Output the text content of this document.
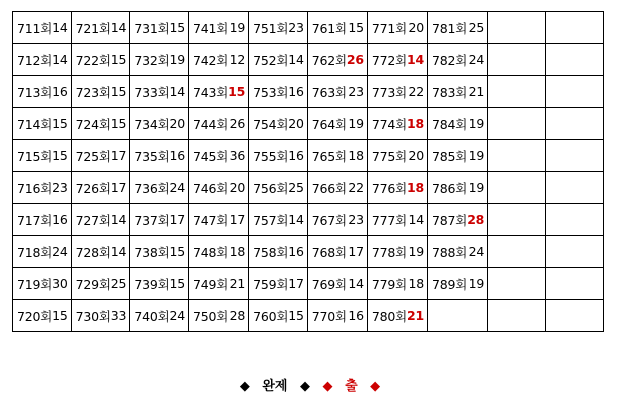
711회 14	721회 14	731회 15	741회 19	751회 23	761회 15	771회 20	781회 25		

712회 14	722회 15	732회 19	742회 12	752회 14	762회 26	772회 14	782회 24		

713회 16	723회 15	733회 14	743회 15	753회 16	763회 23	773회 22	783회 21		

714회 15	724회 15	734회 20	744회 26	754회 20	764회 19	774회 18	784회 19		

715회 15	725회 17	735회 16	745회 36	755회 16	765회 18	775회 20	785회 19		

716회 23	726회 17	736회 24	746회 20	756회 25	766회 22	776회 18	786회 19		

717회 16	727회 14	737회 17	747회 17	757회 14	767회 23	777회 14	787회 28		

718회 24	728회 14	738회 15	748회 18	758회 16	768회 17	778회 19	788회 24		

719회 30	729회 25	739회 15	749회 21	759회 17	769회 14	779회 18	789회 19		

720회 15	730회 33	740회 24	750회 28	760회 15	770회 16	780회 21			

◆ 완제 ◆ ◆ 출 ◆
